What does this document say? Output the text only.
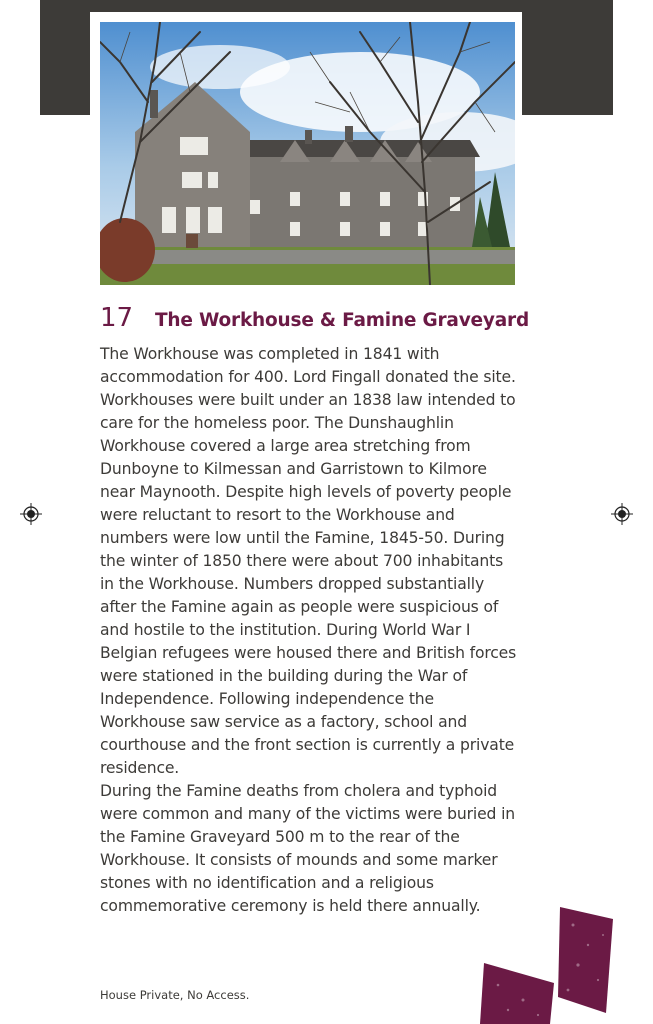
17	The Workhouse & Famine Graveyard

The Workhouse was completed in 1841 with accommodation for 400. Lord Fingall donated the site. Workhouses were built under an 1838 law intended to care for the homeless poor. The Dunshaughlin Workhouse covered a large area stretching from Dunboyne to Kilmessan and Garristown to Kilmore near Maynooth. Despite high levels of poverty people were reluctant to resort to the Workhouse and numbers were low until the Famine, 1845-50. During the winter of 1850 there were about 700 inhabitants in the Workhouse. Numbers dropped substantially after the Famine again as people were suspicious of and hostile to the institution. During World War I Belgian refugees were housed there and British forces were stationed in the building during the War of Independence. Following independence the Workhouse saw service as a factory, school and courthouse and the front section is currently a private residence.

During the Famine deaths from cholera and typhoid were common and many of the victims were buried in the Famine Graveyard 500 m to the rear of the Workhouse. It consists of mounds and some marker stones with no identification and a religious commemorative ceremony is held there annually.

House Private, No Access.
